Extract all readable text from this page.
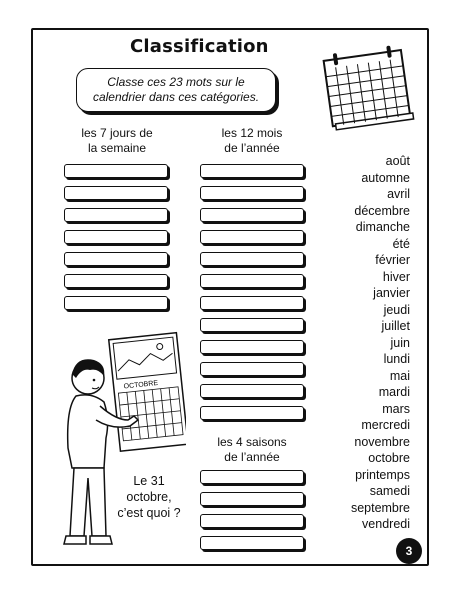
Classification
Classe ces 23 mots sur le
calendrier dans ces catégories.
les 7 jours de
la semaine
les 12 mois
de l’année
les 4 saisons
de l’année
août
automne
avril
décembre
dimanche
été
février
hiver
janvier
jeudi
juillet
juin
lundi
mai
mardi
mars
mercredi
novembre
octobre
printemps
samedi
septembre
vendredi
OCTOBRE
Le 31
octobre,
c’est quoi ?
3
